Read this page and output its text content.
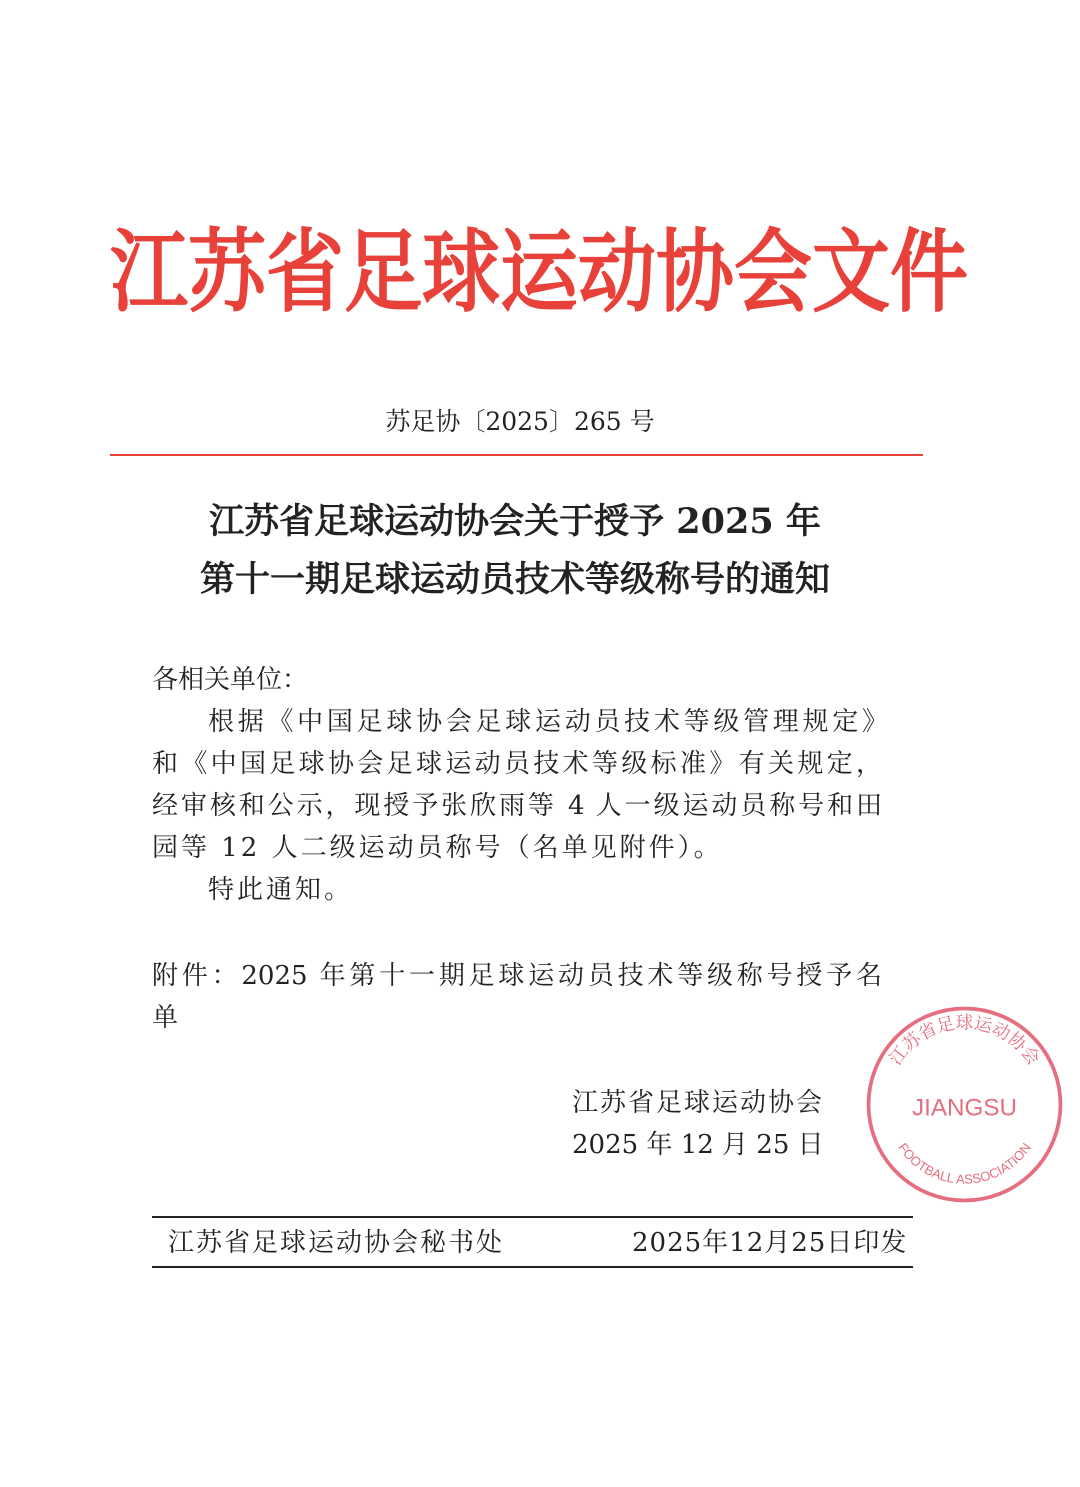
江苏省足球运动协会文件
苏足协〔2025〕265 号
江苏省足球运动协会关于授予 2025 年
第十一期足球运动员技术等级称号的通知
各相关单位：
根据《中国足球协会足球运动员技术等级管理规定》
和《中国足球协会足球运动员技术等级标准》有关规定，
经审核和公示，现授予张欣雨等 4 人一级运动员称号和田
园等 12 人二级运动员称号（名单见附件）。
特此通知。
附件：2025 年第十一期足球运动员技术等级称号授予名
单
江苏省足球运动协会
JIANGSU
FOOTBALL ASSOCIATION
江苏省足球运动协会
2025 年 12 月 25 日
江苏省足球运动协会秘书处	2025年12月25日印发
